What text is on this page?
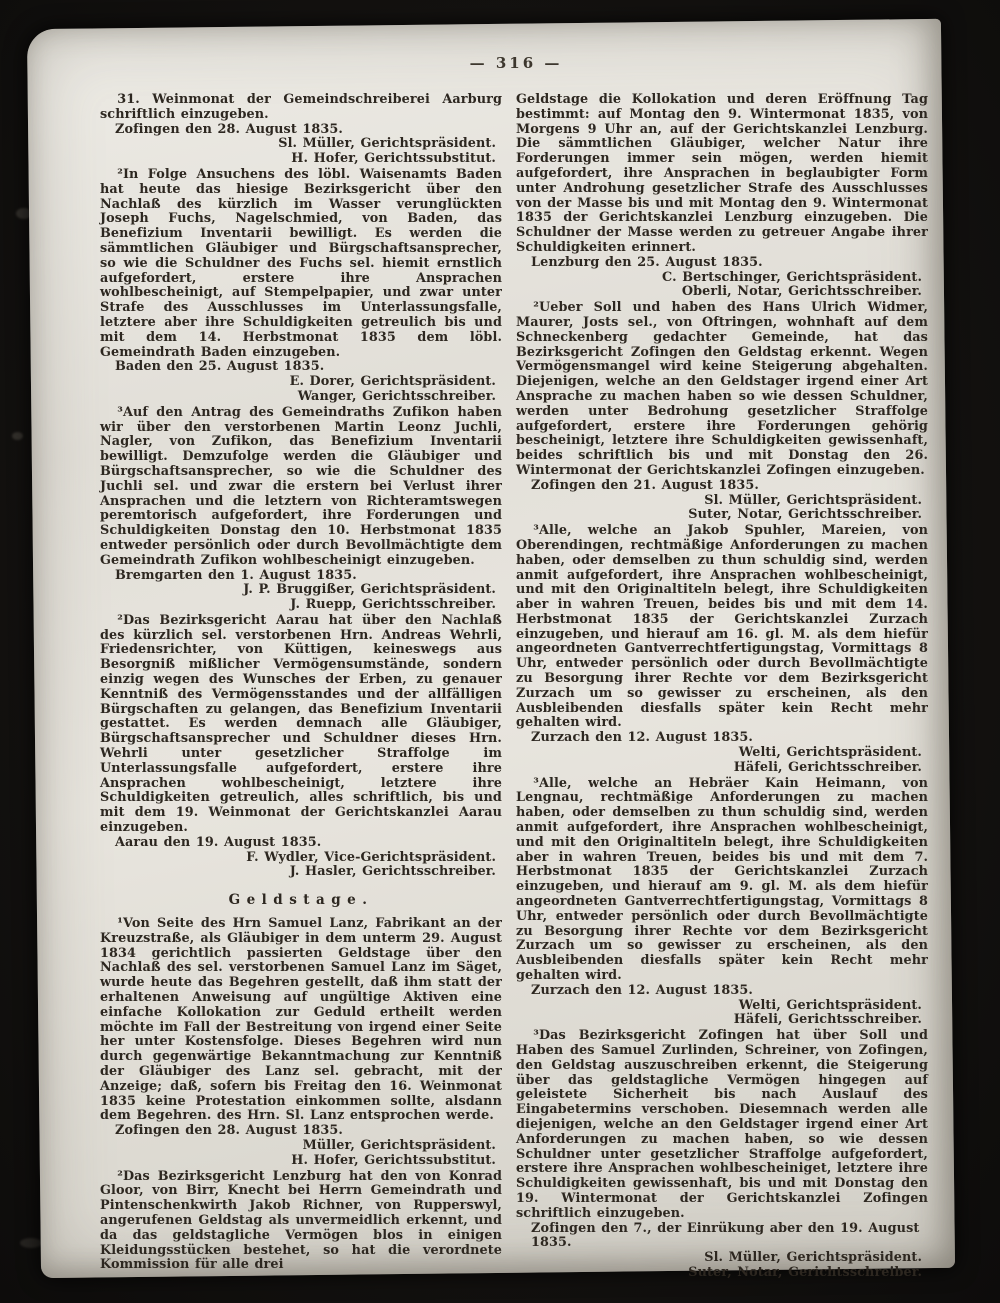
— 316 —
31. Weinmonat der Gemeindschreiberei Aarburg schriftlich einzugeben.
Zofingen den 28. August 1835.
Sl. Müller, Gerichtspräsident.
H. Hofer, Gerichtssubstitut.
²In Folge Ansuchens des löbl. Waisenamts Baden hat heute das hiesige Bezirksgericht über den Nachlaß des kürzlich im Wasser verunglückten Joseph Fuchs, Nagelschmied, von Baden, das Benefizium Inventarii bewilligt. Es werden die sämmtlichen Gläubiger und Bürgschaftsansprecher, so wie die Schuldner des Fuchs sel. hiemit ernstlich aufgefordert, erstere ihre Ansprachen wohlbescheinigt, auf Stempelpapier, und zwar unter Strafe des Ausschlusses im Unterlassungsfalle, letztere aber ihre Schuldigkeiten getreulich bis und mit dem 14. Herbstmonat 1835 dem löbl. Gemeindrath Baden einzugeben.
Baden den 25. August 1835.
E. Dorer, Gerichtspräsident.
Wanger, Gerichtsschreiber.
³Auf den Antrag des Gemeindraths Zufikon haben wir über den verstorbenen Martin Leonz Juchli, Nagler, von Zufikon, das Benefizium Inventarii bewilligt. Demzufolge werden die Gläubiger und Bürgschaftsansprecher, so wie die Schuldner des Juchli sel. und zwar die erstern bei Verlust ihrer Ansprachen und die letztern von Richteramtswegen peremtorisch aufgefordert, ihre Forderungen und Schuldigkeiten Donstag den 10. Herbstmonat 1835 entweder persönlich oder durch Bevollmächtigte dem Gemeindrath Zufikon wohlbescheinigt einzugeben.
Bremgarten den 1. August 1835.
J. P. Bruggißer, Gerichtspräsident.
J. Ruepp, Gerichtsschreiber.
²Das Bezirksgericht Aarau hat über den Nachlaß des kürzlich sel. verstorbenen Hrn. Andreas Wehrli, Friedensrichter, von Küttigen, keineswegs aus Besorgniß mißlicher Vermögensumstände, sondern einzig wegen des Wunsches der Erben, zu genauer Kenntniß des Vermögensstandes und der allfälligen Bürgschaften zu gelangen, das Benefizium Inventarii gestattet. Es werden demnach alle Gläubiger, Bürgschaftsansprecher und Schuldner dieses Hrn. Wehrli unter gesetzlicher Straffolge im Unterlassungsfalle aufgefordert, erstere ihre Ansprachen wohlbescheinigt, letztere ihre Schuldigkeiten getreulich, alles schriftlich, bis und mit dem 19. Weinmonat der Gerichtskanzlei Aarau einzugeben.
Aarau den 19. August 1835.
F. Wydler, Vice-Gerichtspräsident.
J. Hasler, Gerichtsschreiber.
Geldstage.
¹Von Seite des Hrn Samuel Lanz, Fabrikant an der Kreuzstraße, als Gläubiger in dem unterm 29. August 1834 gerichtlich passierten Geldstage über den Nachlaß des sel. verstorbenen Samuel Lanz im Säget, wurde heute das Begehren gestellt, daß ihm statt der erhaltenen Anweisung auf ungültige Aktiven eine einfache Kollokation zur Geduld ertheilt werden möchte im Fall der Bestreitung von irgend einer Seite her unter Kostensfolge. Dieses Begehren wird nun durch gegenwärtige Bekanntmachung zur Kenntniß der Gläubiger des Lanz sel. gebracht, mit der Anzeige; daß, sofern bis Freitag den 16. Weinmonat 1835 keine Protestation einkommen sollte, alsdann dem Begehren. des Hrn. Sl. Lanz entsprochen werde.
Zofingen den 28. August 1835.
Müller, Gerichtspräsident.
H. Hofer, Gerichtssubstitut.
²Das Bezirksgericht Lenzburg hat den von Konrad Gloor, von Birr, Knecht bei Herrn Gemeindrath und Pintenschenkwirth Jakob Richner, von Rupperswyl, angerufenen Geldstag als unvermeidlich erkennt, und da das geldstagliche Vermögen blos in einigen Kleidungsstücken bestehet, so hat die verordnete Kommission für alle drei
Geldstage die Kollokation und deren Eröffnung Tag bestimmt: auf Montag den 9. Wintermonat 1835, von Morgens 9 Uhr an, auf der Gerichtskanzlei Lenzburg. Die sämmtlichen Gläubiger, welcher Natur ihre Forderungen immer sein mögen, werden hiemit aufgefordert, ihre Ansprachen in beglaubigter Form unter Androhung gesetzlicher Strafe des Ausschlusses von der Masse bis und mit Montag den 9. Wintermonat 1835 der Gerichtskanzlei Lenzburg einzugeben. Die Schuldner der Masse werden zu getreuer Angabe ihrer Schuldigkeiten erinnert.
Lenzburg den 25. August 1835.
C. Bertschinger, Gerichtspräsident.
Oberli, Notar, Gerichtsschreiber.
²Ueber Soll und haben des Hans Ulrich Widmer, Maurer, Josts sel., von Oftringen, wohnhaft auf dem Schneckenberg gedachter Gemeinde, hat das Bezirksgericht Zofingen den Geldstag erkennt. Wegen Vermögensmangel wird keine Steigerung abgehalten. Diejenigen, welche an den Geldstager irgend einer Art Ansprache zu machen haben so wie dessen Schuldner, werden unter Bedrohung gesetzlicher Straffolge aufgefordert, erstere ihre Forderungen gehörig bescheinigt, letztere ihre Schuldigkeiten gewissenhaft, beides schriftlich bis und mit Donstag den 26. Wintermonat der Gerichtskanzlei Zofingen einzugeben.
Zofingen den 21. August 1835.
Sl. Müller, Gerichtspräsident.
Suter, Notar, Gerichtsschreiber.
³Alle, welche an Jakob Spuhler, Mareien, von Oberendingen, rechtmäßige Anforderungen zu machen haben, oder demselben zu thun schuldig sind, werden anmit aufgefordert, ihre Ansprachen wohlbescheinigt, und mit den Originaltiteln belegt, ihre Schuldigkeiten aber in wahren Treuen, beides bis und mit dem 14. Herbstmonat 1835 der Gerichtskanzlei Zurzach einzugeben, und hierauf am 16. gl. M. als dem hiefür angeordneten Gantverrechtfertigungstag, Vormittags 8 Uhr, entweder persönlich oder durch Bevollmächtigte zu Besorgung ihrer Rechte vor dem Bezirksgericht Zurzach um so gewisser zu erscheinen, als den Ausbleibenden diesfalls später kein Recht mehr gehalten wird.
Zurzach den 12. August 1835.
Welti, Gerichtspräsident.
Häfeli, Gerichtsschreiber.
³Alle, welche an Hebräer Kain Heimann, von Lengnau, rechtmäßige Anforderungen zu machen haben, oder demselben zu thun schuldig sind, werden anmit aufgefordert, ihre Ansprachen wohlbescheinigt, und mit den Originaltiteln belegt, ihre Schuldigkeiten aber in wahren Treuen, beides bis und mit dem 7. Herbstmonat 1835 der Gerichtskanzlei Zurzach einzugeben, und hierauf am 9. gl. M. als dem hiefür angeordneten Gantverrechtfertigungstag, Vormittags 8 Uhr, entweder persönlich oder durch Bevollmächtigte zu Besorgung ihrer Rechte vor dem Bezirksgericht Zurzach um so gewisser zu erscheinen, als den Ausbleibenden diesfalls später kein Recht mehr gehalten wird.
Zurzach den 12. August 1835.
Welti, Gerichtspräsident.
Häfeli, Gerichtsschreiber.
³Das Bezirksgericht Zofingen hat über Soll und Haben des Samuel Zurlinden, Schreiner, von Zofingen, den Geldstag auszuschreiben erkennt, die Steigerung über das geldstagliche Vermögen hingegen auf geleistete Sicherheit bis nach Auslauf des Eingabetermins verschoben. Diesemnach werden alle diejenigen, welche an den Geldstager irgend einer Art Anforderungen zu machen haben, so wie dessen Schuldner unter gesetzlicher Straffolge aufgefordert, erstere ihre Ansprachen wohlbescheiniget, letztere ihre Schuldigkeiten gewissenhaft, bis und mit Donstag den 19. Wintermonat der Gerichtskanzlei Zofingen schriftlich einzugeben.
Zofingen den 7., der Einrükung aber den 19. August 1835.
Sl. Müller, Gerichtspräsident.
Suter, Notar, Gerichtsschreiber.
